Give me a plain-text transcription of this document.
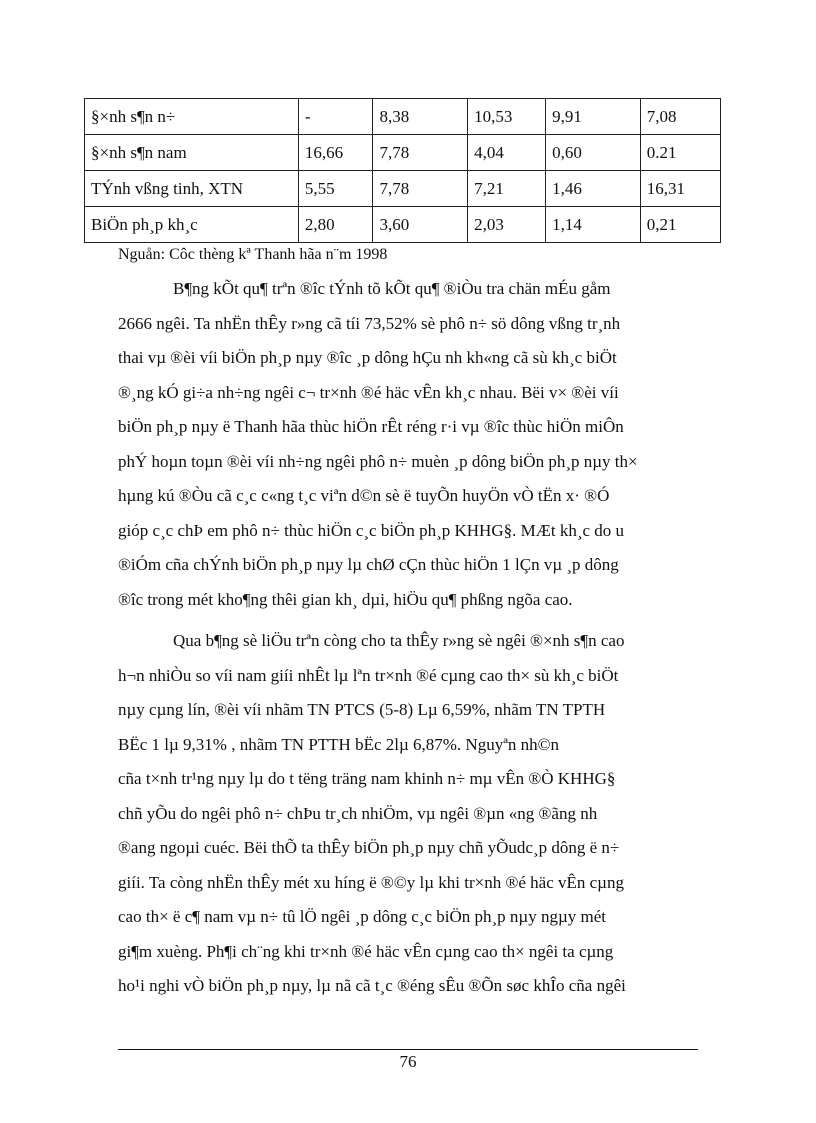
§×nh s¶n n÷	-	8,38	10,53	9,91	7,08
§×nh s¶n nam	16,66	7,78	4,04	0,60	0.21
TÝnh vßng tinh, XTN	5,55	7,78	7,21	1,46	16,31
BiÖn ph¸p kh¸c	2,80	3,60	2,03	1,14	0,21
Nguån: Côc thèng kª Thanh hãa n¨m 1998
B¶ng kÕt qu¶ trªn ®îc tÝnh tõ kÕt qu¶ ®iÒu tra chän mÉu gåm
2666 ngêi. Ta nhËn thÊy r»ng cã tíi 73,52% sè phô n÷ sö dông vßng tr¸nh
thai vµ ®èi víi biÖn ph¸p nµy ®îc ¸p dông hÇu nh kh«ng cã sù kh¸c biÖt
®¸ng kÓ gi÷a nh÷ng ngêi c¬ tr×nh ®é häc vÊn kh¸c nhau. Bëi v× ®èi víi
biÖn ph¸p nµy ë Thanh hãa thùc hiÖn rÊt réng r·i vµ ®îc thùc hiÖn miÔn
phÝ hoµn toµn ®èi víi nh÷ng ngêi phô n÷ muèn ¸p dông biÖn ph¸p nµy th×
hµng kú ®Òu cã c¸c c«ng t¸c viªn d©n sè ë tuyÕn huyÖn vÒ tËn x· ®Ó
gióp c¸c chÞ em phô n÷ thùc hiÖn c¸c biÖn ph¸p KHHG§. MÆt kh¸c do u
®iÓm cña chÝnh biÖn ph¸p nµy lµ chØ cÇn thùc hiÖn 1 lÇn vµ ¸p dông
®îc trong mét kho¶ng thêi gian kh¸ dµi, hiÖu qu¶ phßng ngõa cao.
Qua b¶ng sè liÖu trªn còng cho ta thÊy r»ng sè ngêi ®×nh s¶n cao
h¬n nhiÒu so víi nam giíi nhÊt lµ lªn tr×nh ®é cµng cao th× sù kh¸c biÖt
nµy cµng lín, ®èi víi nhãm TN PTCS (5-8) Lµ 6,59%, nhãm TN TPTH
BËc 1 lµ 9,31% , nhãm TN PTTH bËc 2lµ 6,87%. Nguyªn nh©n
cña t×nh tr¹ng nµy lµ do t tëng träng nam khinh n÷ mµ vÊn ®Ò KHHG§
chñ yÕu do ngêi phô n÷ chÞu tr¸ch nhiÖm, vµ ngêi ®µn «ng ®ãng nh
®ang ngoµi cuéc. Bëi thÕ ta thÊy biÖn ph¸p nµy chñ yÕudc¸p dông ë n÷
giíi. Ta còng nhËn thÊy mét xu híng ë ®©y lµ khi tr×nh ®é häc vÊn cµng
cao th× ë c¶ nam vµ n÷ tû lÖ ngêi ¸p dông c¸c biÖn ph¸p nµy ngµy mét
gi¶m xuèng. Ph¶i ch¨ng khi tr×nh ®é häc vÊn cµng cao th× ngêi ta cµng
ho¹i nghi vÒ biÖn ph¸p nµy, lµ nã cã t¸c ®éng sÊu ®Õn søc khÎo cña ngêi
76
